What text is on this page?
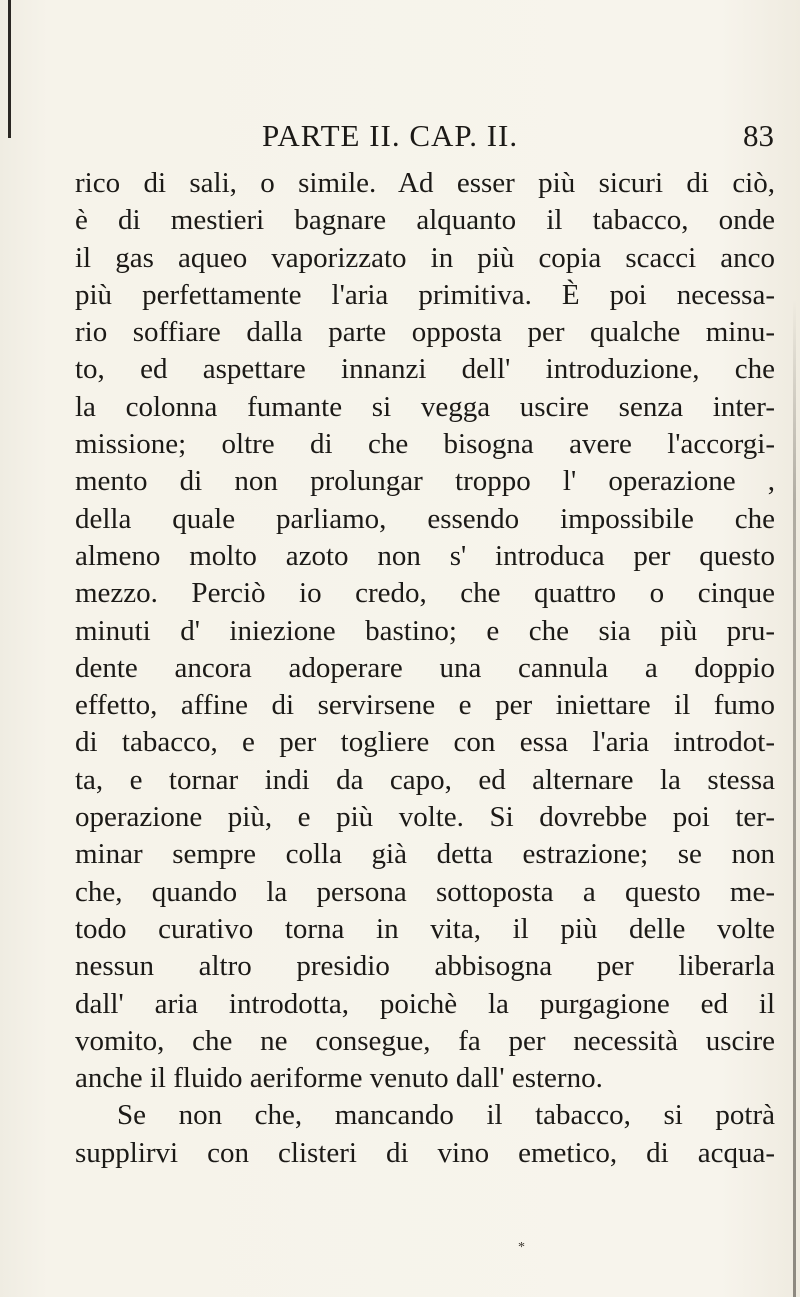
PARTE II. CAP. II.	83
rico di sali, o simile. Ad esser più sicuri di ciò,
è di mestieri bagnare alquanto il tabacco, onde
il gas aqueo vaporizzato in più copia scacci anco
più perfettamente l'aria primitiva. È poi necessa-
rio soffiare dalla parte opposta per qualche minu-
to, ed aspettare innanzi dell' introduzione, che
la colonna fumante si vegga uscire senza inter-
missione; oltre di che bisogna avere l'accorgi-
mento di non prolungar troppo l' operazione ,
della quale parliamo, essendo impossibile che
almeno molto azoto non s' introduca per questo
mezzo. Perciò io credo, che quattro o cinque
minuti d' iniezione bastino; e che sia più pru-
dente ancora adoperare una cannula a doppio
effetto, affine di servirsene e per iniettare il fumo
di tabacco, e per togliere con essa l'aria introdot-
ta, e tornar indi da capo, ed alternare la stessa
operazione più, e più volte. Si dovrebbe poi ter-
minar sempre colla già detta estrazione; se non
che, quando la persona sottoposta a questo me-
todo curativo torna in vita, il più delle volte
nessun altro presidio abbisogna per liberarla
dall' aria introdotta, poichè la purgagione ed il
vomito, che ne consegue, fa per necessità uscire
anche il fluido aeriforme venuto dall' esterno.
Se non che, mancando il tabacco, si potrà
supplirvi con clisteri di vino emetico, di acqua-
*
